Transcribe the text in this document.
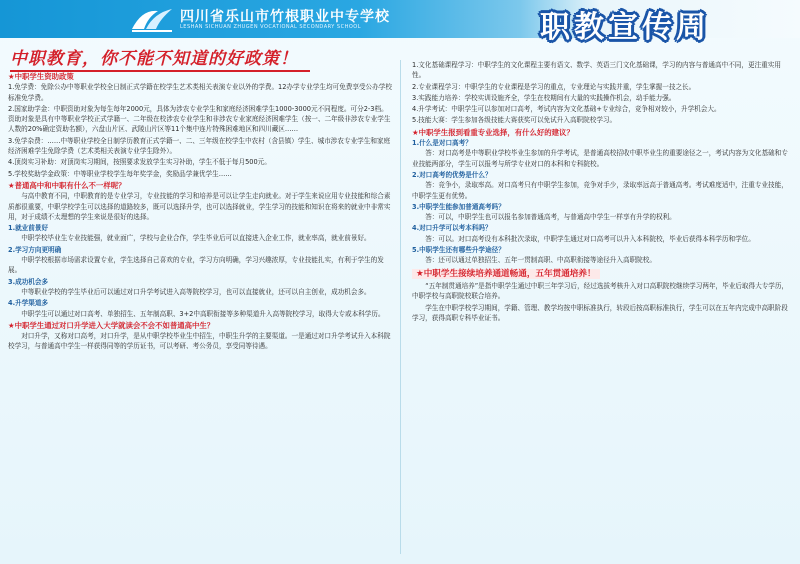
四川省乐山市竹根职业中专学校
LESHAN SICHUAN ZHUGEN VOCATIONAL SECONDARY SCHOOL	职教宣传周
中职教育，你不能不知道的好政策！
★中职学生资助政策

1.免学费：免除公办中等职业学校全日制正式学籍在校学生艺术类相关表演专业以外的学费。12办学专业学生均可免费享受公办学校标准免学费。

2.国家助学金：中职资助对象为每生每年2000元，具体为涉农专业学生和家庭经济困难学生1000-3000元不同程度。可分2-3档。资助对象是具有中等职业学校正式学籍一、二年级在校涉农专业学生和非涉农专业家庭经济困难学生（按一、二年级非涉农专业学生人数的20%确定资助名额），六盘山片区、武陵山片区等11个集中连片特殊困难地区和四川藏区……

3.免学杂费：……中等职业学校全日制学历教育正式学籍一、二、三年级在校学生中农村（含县镇）学生、城市涉农专业学生和家庭经济困难学生免除学费（艺术类相关表演专业学生除外）。

4.顶岗实习补助：对顶岗实习期间，按照要求发放学生实习补助，学生不低于每月500元。

5.学校奖助学金政策：中等职业学校学生每年奖学金，奖励品学兼优学生……

★普通高中和中职有什么不一样呢？

与高中教育不同，中职教育的是专业学习，专业技能的学习和培养是可以让学生走向就业。对于学生来说应用专业技能和综合素质都很重要，中职学校学生可以选择的道路较多，既可以选择升学，也可以选择就业，学生学习的技能和知识在将来的就业中非常实用，对于成绩不太理想的学生来说是很好的选择。

1.就业前景好

中职学校毕业生专业技能强，就业面广，学校与企业合作，学生毕业后可以直接进入企业工作，就业率高，就业前景好。

2.学习方向更明确

中职学校根据市场需求设置专业，学生选择自己喜欢的专业，学习方向明确，学习兴趣浓厚，专业技能扎实，有利于学生的发展。

3.成功机会多

中等职业学校的学生毕业后可以通过对口升学考试进入高等院校学习，也可以直接就业，还可以自主创业，成功机会多。

4.升学渠道多

中职学生可以通过对口高考、单独招生、五年制高职、3+2中高职衔接等多种渠道升入高等院校学习，取得大专或本科学历。

★中职学生通过对口升学进入大学就读会不会不如普通高中生？

对口升学，又称对口高考，对口升学，是从中职学校毕业生中招生，中职生升学的主要渠道。一是通过对口升学考试升入本科院校学习，与普通高中学生一样获得同等的学历证书，可以考研、考公务员，享受同等待遇。

1.文化基础课程学习：中职学生的文化课程主要有语文、数学、英语三门文化基础课，学习的内容与普通高中不同，更注重实用性。

2.专业课程学习：中职学生的专业课程是学习的重点，专业理论与实践并重，学生掌握一技之长。

3.实践能力培养：学校实训设施齐全，学生在校期间有大量的实践操作机会，动手能力强。

4.升学考试：中职学生可以参加对口高考，考试内容为文化基础+专业综合，竞争相对较小，升学机会大。

5.技能大赛：学生参加各级技能大赛获奖可以免试升入高职院校学习。

★中职学生报到看重专业选择，有什么好的建议？
1.什么是对口高考？

答：对口高考是中等职业学校毕业生参加的升学考试，是普通高校招收中职毕业生的重要途径之一，考试内容为文化基础和专业技能两部分，学生可以报考与所学专业对口的本科和专科院校。

2.对口高考的优势是什么？

答：竞争小，录取率高。对口高考只有中职学生参加，竞争对手少，录取率远高于普通高考。考试难度适中，注重专业技能，中职学生更有优势。

3.中职学生能参加普通高考吗？

答：可以，中职学生也可以报名参加普通高考，与普通高中学生一样享有升学的权利。

4.对口升学可以考本科吗？

答：可以。对口高考设有本科批次录取，中职学生通过对口高考可以升入本科院校，毕业后获得本科学历和学位。

5.中职学生还有哪些升学途径？

答：还可以通过单独招生、五年一贯制高职、中高职衔接等途径升入高职院校。

★中职学生接续培养通道畅通，五年贯通培养！

“五年制贯通培养”是指中职学生通过中职三年学习后，经过选拔考核升入对口高职院校继续学习两年，毕业后取得大专学历，中职学校与高职院校联合培养。

学生在中职学校学习期间，学籍、管理、教学均按中职标准执行，转段后按高职标准执行，学生可以在五年内完成中高职阶段学习，获得高职专科毕业证书。
